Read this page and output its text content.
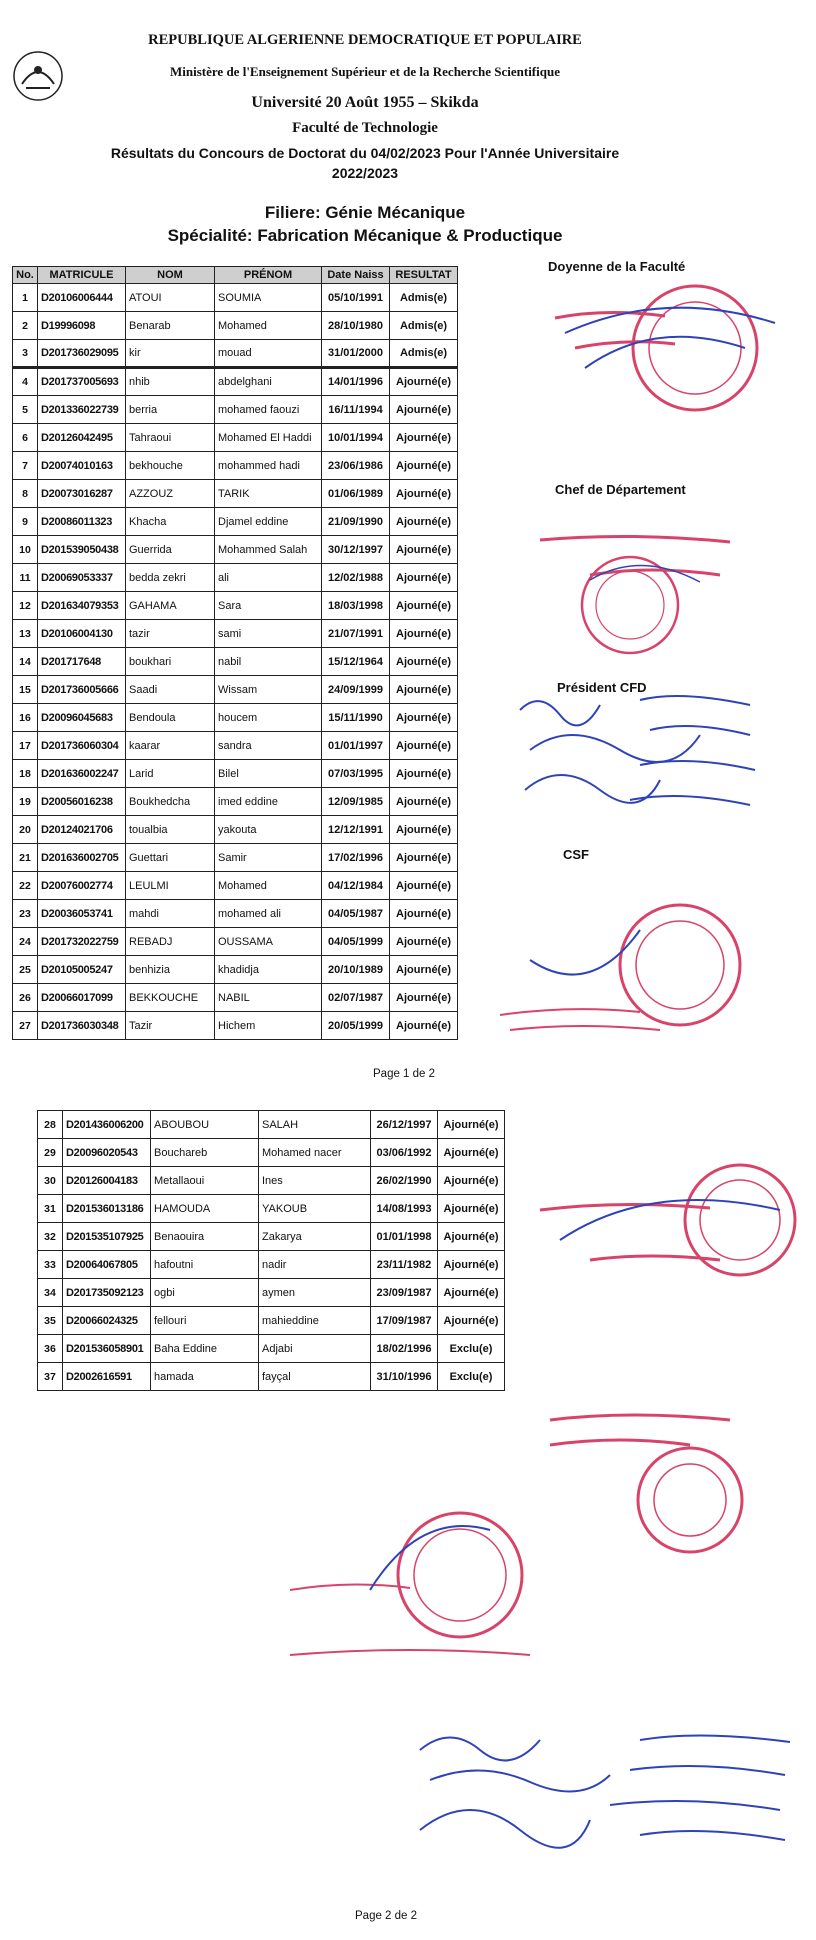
REPUBLIQUE ALGERIENNE DEMOCRATIQUE ET POPULAIRE
Ministère de l'Enseignement Supérieur et de la Recherche Scientifique
Université 20 Août 1955 – Skikda
Faculté de Technologie
Résultats du Concours de Doctorat du 04/02/2023 Pour l'Année Universitaire
2022/2023
Filiere: Génie Mécanique
Spécialité: Fabrication Mécanique & Productique
No.	MATRICULE	NOM	PRÉNOM	Date Naiss	RESULTAT
1	D20106006444	ATOUI	SOUMIA	05/10/1991	Admis(e)
2	D19996098	Benarab	Mohamed	28/10/1980	Admis(e)
3	D201736029095	kir	mouad	31/01/2000	Admis(e)
4	D201737005693	nhib	abdelghani	14/01/1996	Ajourné(e)
5	D201336022739	berria	mohamed faouzi	16/11/1994	Ajourné(e)
6	D20126042495	Tahraoui	Mohamed El Haddi	10/01/1994	Ajourné(e)
7	D20074010163	bekhouche	mohammed hadi	23/06/1986	Ajourné(e)
8	D20073016287	AZZOUZ	TARIK	01/06/1989	Ajourné(e)
9	D20086011323	Khacha	Djamel eddine	21/09/1990	Ajourné(e)
10	D201539050438	Guerrida	Mohammed Salah	30/12/1997	Ajourné(e)
11	D20069053337	bedda zekri	ali	12/02/1988	Ajourné(e)
12	D201634079353	GAHAMA	Sara	18/03/1998	Ajourné(e)
13	D20106004130	tazir	sami	21/07/1991	Ajourné(e)
14	D201717648	boukhari	nabil	15/12/1964	Ajourné(e)
15	D201736005666	Saadi	Wissam	24/09/1999	Ajourné(e)
16	D20096045683	Bendoula	houcem	15/11/1990	Ajourné(e)
17	D201736060304	kaarar	sandra	01/01/1997	Ajourné(e)
18	D201636002247	Larid	Bilel	07/03/1995	Ajourné(e)
19	D20056016238	Boukhedcha	imed eddine	12/09/1985	Ajourné(e)
20	D20124021706	toualbia	yakouta	12/12/1991	Ajourné(e)
21	D201636002705	Guettari	Samir	17/02/1996	Ajourné(e)
22	D20076002774	LEULMI	Mohamed	04/12/1984	Ajourné(e)
23	D20036053741	mahdi	mohamed ali	04/05/1987	Ajourné(e)
24	D201732022759	REBADJ	OUSSAMA	04/05/1999	Ajourné(e)
25	D20105005247	benhizia	khadidja	20/10/1989	Ajourné(e)
26	D20066017099	BEKKOUCHE	NABIL	02/07/1987	Ajourné(e)
27	D201736030348	Tazir	Hichem	20/05/1999	Ajourné(e)
28	D201436006200	ABOUBOU	SALAH	26/12/1997	Ajourné(e)
29	D20096020543	Bouchareb	Mohamed nacer	03/06/1992	Ajourné(e)
30	D20126004183	Metallaoui	Ines	26/02/1990	Ajourné(e)
31	D201536013186	HAMOUDA	YAKOUB	14/08/1993	Ajourné(e)
32	D201535107925	Benaouira	Zakarya	01/01/1998	Ajourné(e)
33	D20064067805	hafoutni	nadir	23/11/1982	Ajourné(e)
34	D201735092123	ogbi	aymen	23/09/1987	Ajourné(e)
35	D20066024325	fellouri	mahieddine	17/09/1987	Ajourné(e)
36	D201536058901	Baha Eddine	Adjabi	18/02/1996	Exclu(e)
37	D2002616591	hamada	fayçal	31/10/1996	Exclu(e)
Doyenne de la Faculté
Chef de Département
Président CFD
CSF
Page 1 de 2
Page 2 de 2
